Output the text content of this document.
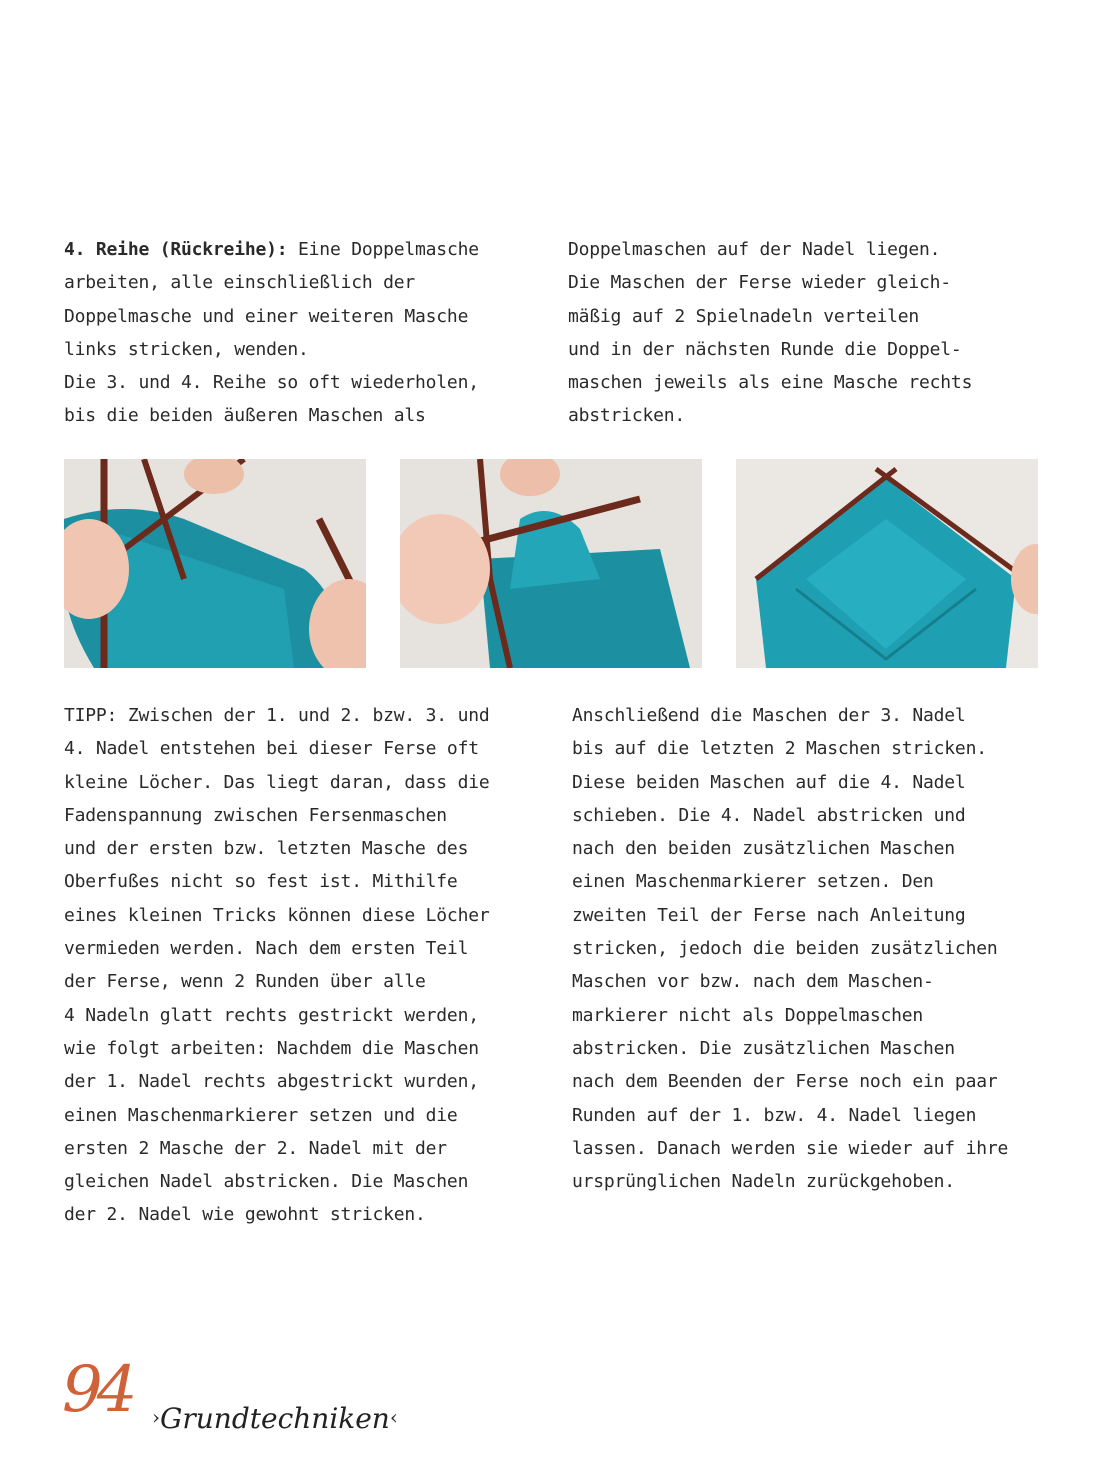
4. Reihe (Rückreihe): Eine Doppelmasche
arbeiten, alle einschließlich der
Doppelmasche und einer weiteren Masche
links stricken, wenden.
Die 3. und 4. Reihe so oft wiederholen,
bis die beiden äußeren Maschen als

Doppelmaschen auf der Nadel liegen.
Die Maschen der Ferse wieder gleich-
mäßig auf 2 Spielnadeln verteilen
und in der nächsten Runde die Doppel-
maschen jeweils als eine Masche rechts
abstricken.

TIPP: Zwischen der 1. und 2. bzw. 3. und
4. Nadel entstehen bei dieser Ferse oft
kleine Löcher. Das liegt daran, dass die
Fadenspannung zwischen Fersenmaschen
und der ersten bzw. letzten Masche des
Oberfußes nicht so fest ist. Mithilfe
eines kleinen Tricks können diese Löcher
vermieden werden. Nach dem ersten Teil
der Ferse, wenn 2 Runden über alle
4 Nadeln glatt rechts gestrickt werden,
wie folgt arbeiten: Nachdem die Maschen
der 1. Nadel rechts abgestrickt wurden,
einen Maschenmarkierer setzen und die
ersten 2 Masche der 2. Nadel mit der
gleichen Nadel abstricken. Die Maschen
der 2. Nadel wie gewohnt stricken.

Anschließend die Maschen der 3. Nadel
bis auf die letzten 2 Maschen stricken.
Diese beiden Maschen auf die 4. Nadel
schieben. Die 4. Nadel abstricken und
nach den beiden zusätzlichen Maschen
einen Maschenmarkierer setzen. Den
zweiten Teil der Ferse nach Anleitung
stricken, jedoch die beiden zusätzlichen
Maschen vor bzw. nach dem Maschen-
markierer nicht als Doppelmaschen
abstricken. Die zusätzlichen Maschen
nach dem Beenden der Ferse noch ein paar
Runden auf der 1. bzw. 4. Nadel liegen
lassen. Danach werden sie wieder auf ihre
ursprünglichen Nadeln zurückgehoben.

94 ›Grundtechniken‹
